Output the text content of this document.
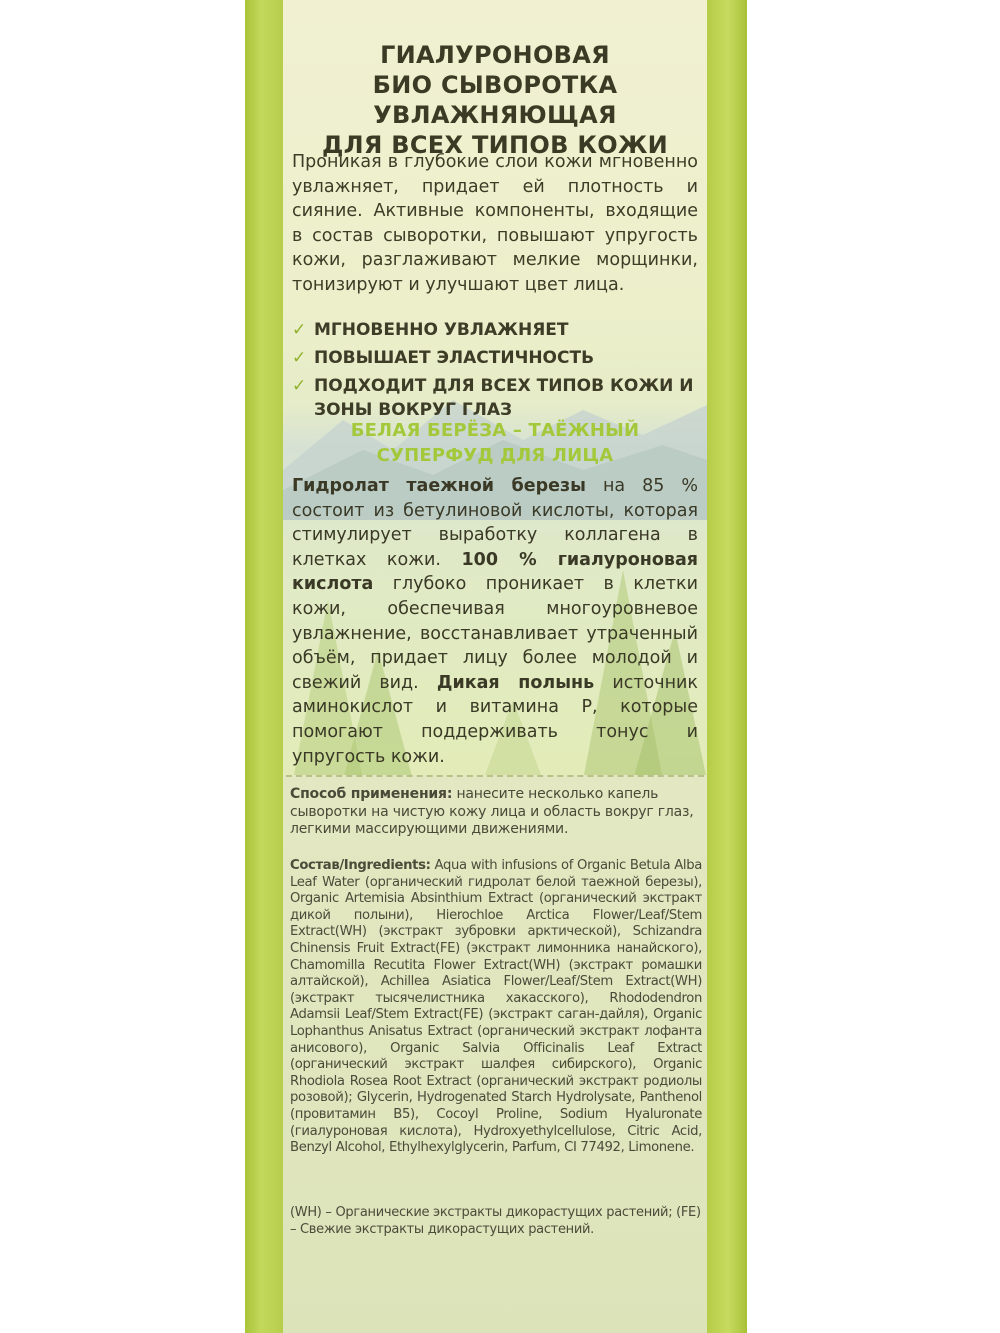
ГИАЛУРОНОВАЯ
БИО СЫВОРОТКА
УВЛАЖНЯЮЩАЯ
ДЛЯ ВСЕХ ТИПОВ КОЖИ
Проникая в глубокие слои кожи мгновенно увлажняет, придает ей плотность и сияние. Активные компоненты, входящие в состав сыворотки, повышают упругость кожи, разглаживают мелкие морщинки, тонизируют и улучшают цвет лица.
✓ МГНОВЕННО УВЛАЖНЯЕТ
✓ ПОВЫШАЕТ ЭЛАСТИЧНОСТЬ
✓ ПОДХОДИТ ДЛЯ ВСЕХ ТИПОВ КОЖИ И ЗОНЫ ВОКРУГ ГЛАЗ
БЕЛАЯ БЕРЁЗА – ТАЁЖНЫЙ
СУПЕРФУД ДЛЯ ЛИЦА
Гидролат таежной березы на 85 % состоит из бетулиновой кислоты, которая стимулирует выработку коллагена в клетках кожи. 100 % гиалуроновая кислота глубоко проникает в клетки кожи, обеспечивая многоуровневое увлажнение, восстанавливает утраченный объём, придает лицу более молодой и свежий вид. Дикая полынь источник аминокислот и витамина Р, которые помогают поддерживать тонус и упругость кожи.
Способ применения: нанесите несколько капель сыворотки на чистую кожу лица и область вокруг глаз, легкими массирующими движениями.
Состав/Ingredients: Aqua with infusions of Organic Betula Alba Leaf Water (органический гидролат белой таежной березы), Organic Artemisia Absinthium Extract (органический экстракт дикой полыни), Hierochloe Arctica Flower/Leaf/Stem Extract(WH) (экстракт зубровки арктической), Schizandra Chinensis Fruit Extract(FE) (экстракт лимонника нанайского), Chamomilla Recutita Flower Extract(WH) (экстракт ромашки алтайской), Achillea Asiatica Flower/Leaf/Stem Extract(WH) (экстракт тысячелистника хакасского), Rhododendron Adamsii Leaf/Stem Extract(FE) (экстракт саган-дайля), Organic Lophanthus Anisatus Extract (органический экстракт лофанта анисового), Organic Salvia Officinalis Leaf Extract (органический экстракт шалфея сибирского), Organic Rhodiola Rosea Root Extract (органический экстракт родиолы розовой); Glycerin, Hydrogenated Starch Hydrolysate, Panthenol (провитамин B5), Cocoyl Proline, Sodium Hyaluronate (гиалуроновая кислота), Hydroxyethylcellulose, Citric Acid, Benzyl Alcohol, Ethylhexylglycerin, Parfum, CI 77492, Limonene.
(WH) – Органические экстракты дикорастущих растений; (FE) – Свежие экстракты дикорастущих растений.
